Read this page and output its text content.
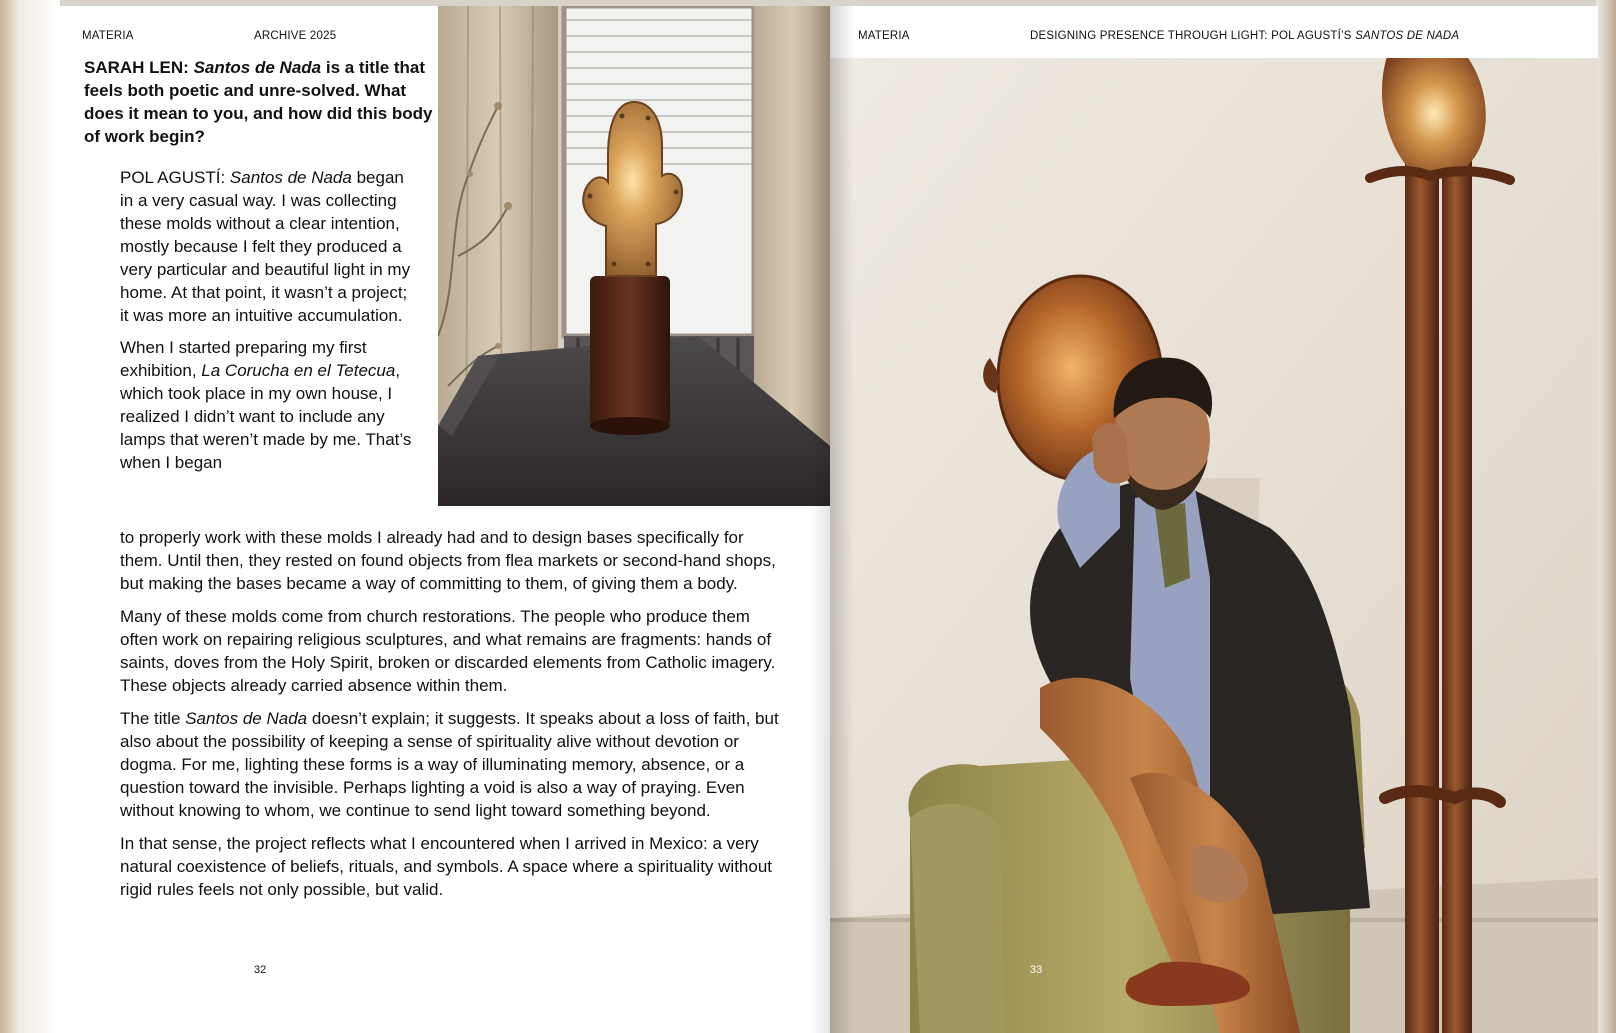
MATERIA	ARCHIVE 2025

SARAH LEN: Santos de Nada is a title that feels both poetic and unre-solved. What does it mean to you, and how did this body of work begin?

POL AGUSTÍ: Santos de Nada began in a very casual way. I was collecting these molds without a clear intention, mostly because I felt they produced a very particular and beautiful light in my home. At that point, it wasn’t a project; it was more an intuitive accumulation.

When I started preparing my first exhibition, La Corucha en el Tetecua, which took place in my own house, I realized I didn’t want to include any lamps that weren’t made by me. That’s when I began

to properly work with these molds I already had and to design bases specifically for them. Until then, they rested on found objects from flea markets or second-hand shops, but making the bases became a way of committing to them, of giving them a body.

Many of these molds come from church restorations. The people who produce them often work on repairing religious sculptures, and what remains are fragments: hands of saints, doves from the Holy Spirit, broken or discarded elements from Catholic imagery. These objects already carried absence within them.

The title Santos de Nada doesn’t explain; it suggests. It speaks about a loss of faith, but also about the possibility of keeping a sense of spirituality alive without devotion or dogma. For me, lighting these forms is a way of illuminating memory, absence, or a question toward the invisible. Perhaps lighting a void is also a way of praying. Even without knowing to whom, we continue to send light toward something beyond.

In that sense, the project reflects what I encountered when I arrived in Mexico: a very natural coexistence of beliefs, rituals, and symbols. A space where a spirituality without rigid rules feels not only possible, but valid.

32
MATERIA	DESIGNING PRESENCE THROUGH LIGHT: POL AGUSTÍ’S SANTOS DE NADA
33
